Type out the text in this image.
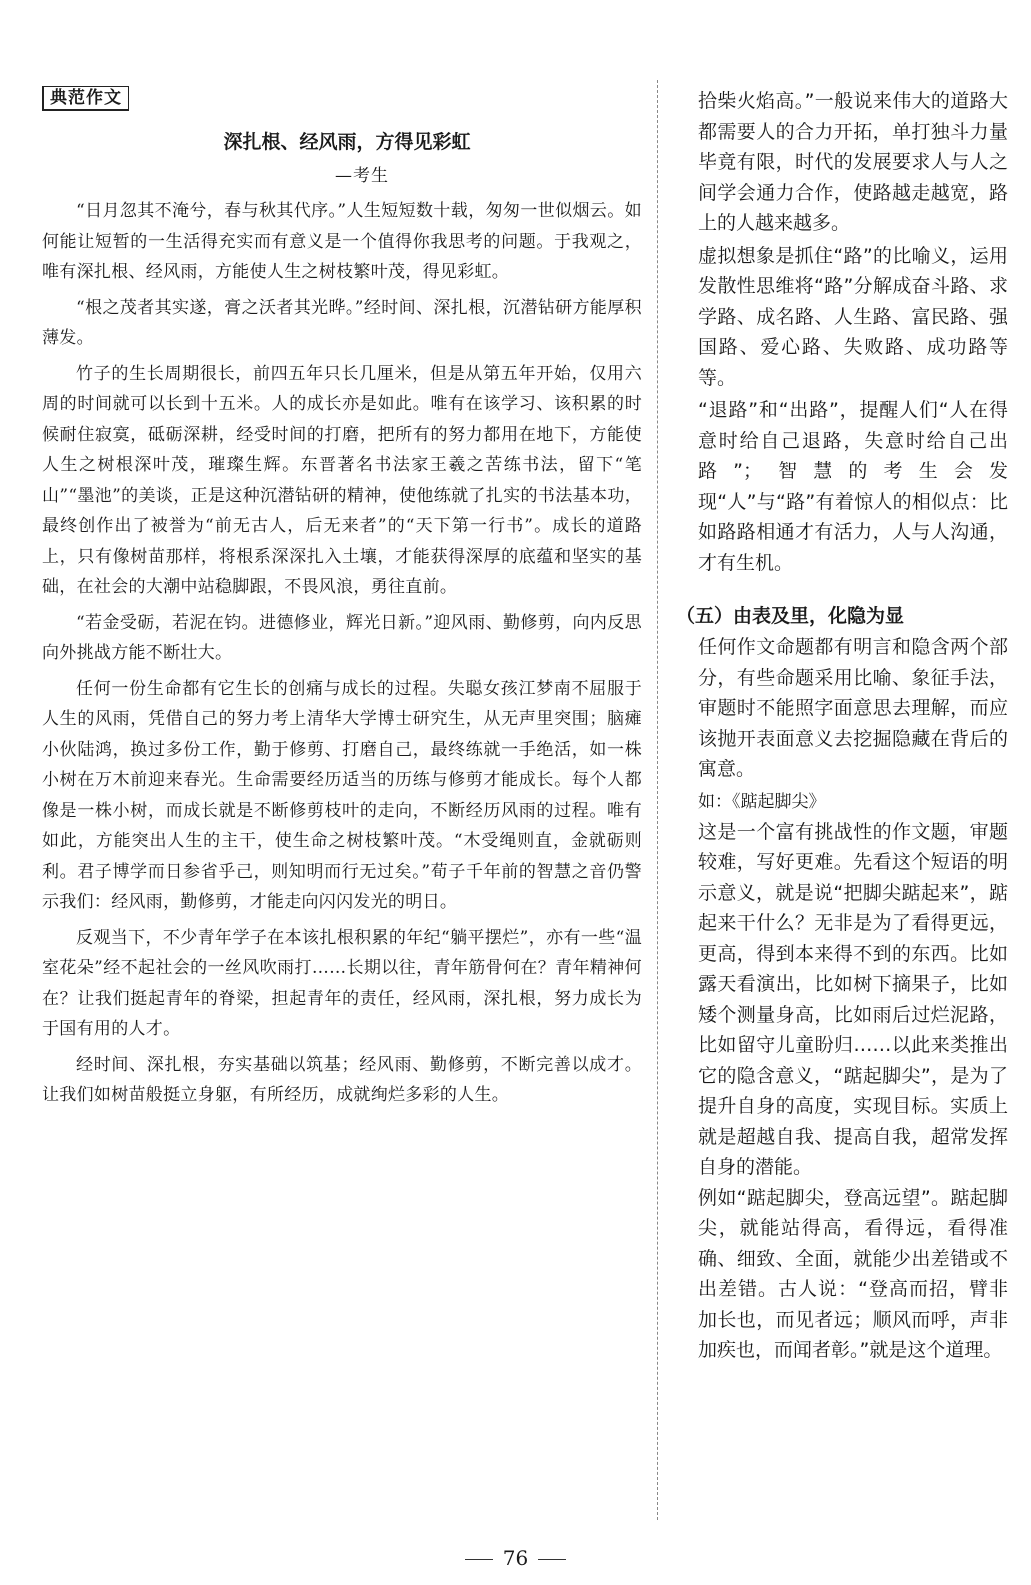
典范作文
深扎根、经风雨，方得见彩虹
—考生

“日月忽其不淹兮，春与秋其代序。”人生短短数十载，匆匆一世似烟云。如何能让短暂的一生活得充实而有意义是一个值得你我思考的问题。于我观之，唯有深扎根、经风雨，方能使人生之树枝繁叶茂，得见彩虹。

“根之茂者其实遂，膏之沃者其光晔。”经时间、深扎根，沉潜钻研方能厚积薄发。

竹子的生长周期很长，前四五年只长几厘米，但是从第五年开始，仅用六周的时间就可以长到十五米。人的成长亦是如此。唯有在该学习、该积累的时候耐住寂寞，砥砺深耕，经受时间的打磨，把所有的努力都用在地下，方能使人生之树根深叶茂，璀璨生辉。东晋著名书法家王羲之苦练书法，留下“笔山”“墨池”的美谈，正是这种沉潜钻研的精神，使他练就了扎实的书法基本功，最终创作出了被誉为“前无古人，后无来者”的“天下第一行书”。成长的道路上，只有像树苗那样，将根系深深扎入土壤，才能获得深厚的底蕴和坚实的基础，在社会的大潮中站稳脚跟，不畏风浪，勇往直前。

“若金受砺，若泥在钧。进德修业，辉光日新。”迎风雨、勤修剪，向内反思向外挑战方能不断壮大。

任何一份生命都有它生长的创痛与成长的过程。失聪女孩江梦南不屈服于人生的风雨，凭借自己的努力考上清华大学博士研究生，从无声里突围；脑瘫小伙陆鸿，换过多份工作，勤于修剪、打磨自己，最终练就一手绝活，如一株小树在万木前迎来春光。生命需要经历适当的历练与修剪才能成长。每个人都像是一株小树，而成长就是不断修剪枝叶的走向，不断经历风雨的过程。唯有如此，方能突出人生的主干，使生命之树枝繁叶茂。“木受绳则直，金就砺则利。君子博学而日参省乎己，则知明而行无过矣。”荀子千年前的智慧之音仍警示我们：经风雨，勤修剪，才能走向闪闪发光的明日。

反观当下，不少青年学子在本该扎根积累的年纪“躺平摆烂”，亦有一些“温室花朵”经不起社会的一丝风吹雨打……长期以往，青年筋骨何在？青年精神何在？让我们挺起青年的脊梁，担起青年的责任，经风雨，深扎根，努力成长为于国有用的人才。

经时间、深扎根，夯实基础以筑基；经风雨、勤修剪，不断完善以成才。让我们如树苗般挺立身躯，有所经历，成就绚烂多彩的人生。

拾柴火焰高。”一般说来伟大的道路大都需要人的合力开拓，单打独斗力量毕竟有限，时代的发展要求人与人之间学会通力合作，使路越走越宽，路上的人越来越多。

虚拟想象是抓住“路”的比喻义，运用发散性思维将“路”分解成奋斗路、求学路、成名路、人生路、富民路、强国路、爱心路、失败路、成功路等等。

“退路”和“出路”，提醒人们“人在得意时给自己退路，失意时给自己出路”；智慧的考生会发现“人”与“路”有着惊人的相似点：比如路路相通才有活力，人与人沟通，才有生机。

（五）由表及里，化隐为显

任何作文命题都有明言和隐含两个部分，有些命题采用比喻、象征手法，审题时不能照字面意思去理解，而应该抛开表面意义去挖掘隐藏在背后的寓意。

如：《踮起脚尖》

这是一个富有挑战性的作文题，审题较难，写好更难。先看这个短语的明示意义，就是说“把脚尖踮起来”，踮起来干什么？无非是为了看得更远，更高，得到本来得不到的东西。比如露天看演出，比如树下摘果子，比如矮个测量身高，比如雨后过烂泥路，比如留守儿童盼归……以此来类推出它的隐含意义，“踮起脚尖”，是为了提升自身的高度，实现目标。实质上就是超越自我、提高自我，超常发挥自身的潜能。

例如“踮起脚尖，登高远望”。踮起脚尖，就能站得高，看得远，看得准确、细致、全面，就能少出差错或不出差错。古人说：“登高而招，臂非加长也，而见者远；顺风而呼，声非加疾也，而闻者彰。”就是这个道理。

76
